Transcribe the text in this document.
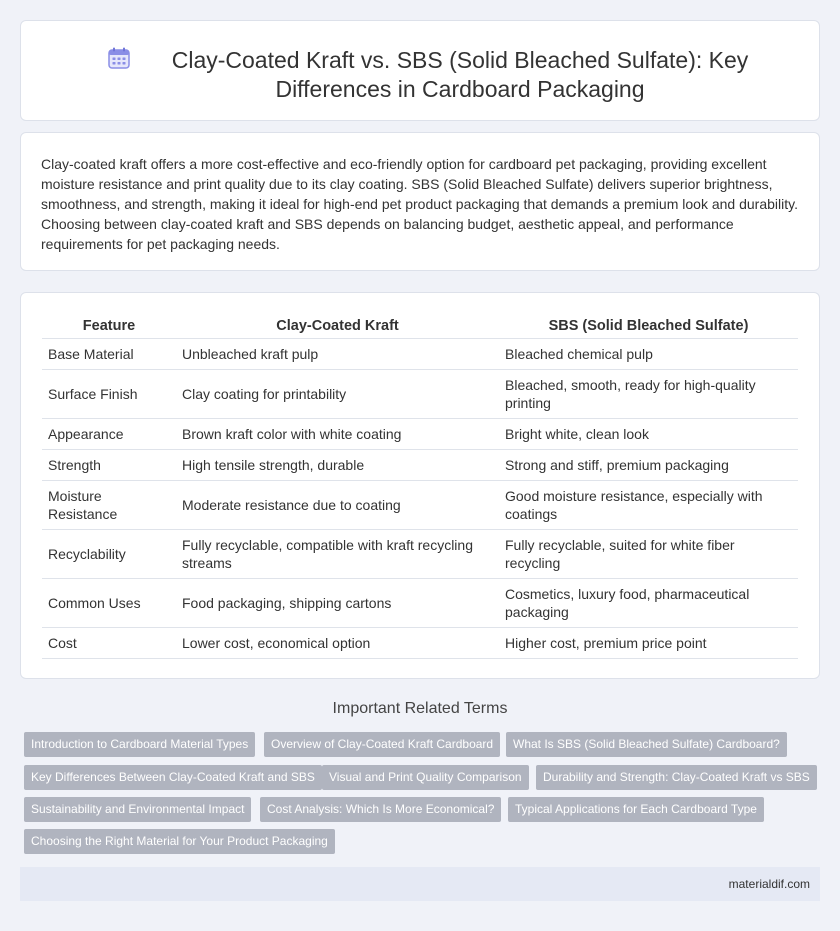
Clay-Coated Kraft vs. SBS (Solid Bleached Sulfate): Key Differences in Cardboard Packaging

Clay-coated kraft offers a more cost-effective and eco-friendly option for cardboard pet packaging, providing excellent moisture resistance and print quality due to its clay coating. SBS (Solid Bleached Sulfate) delivers superior brightness, smoothness, and strength, making it ideal for high-end pet product packaging that demands a premium look and durability. Choosing between clay-coated kraft and SBS depends on balancing budget, aesthetic appeal, and performance requirements for pet packaging needs.

Feature	Clay-Coated Kraft	SBS (Solid Bleached Sulfate)
Base Material	Unbleached kraft pulp	Bleached chemical pulp
Surface Finish	Clay coating for printability	Bleached, smooth, ready for high-quality printing
Appearance	Brown kraft color with white coating	Bright white, clean look
Strength	High tensile strength, durable	Strong and stiff, premium packaging
Moisture Resistance	Moderate resistance due to coating	Good moisture resistance, especially with coatings
Recyclability	Fully recyclable, compatible with kraft recycling streams	Fully recyclable, suited for white fiber recycling
Common Uses	Food packaging, shipping cartons	Cosmetics, luxury food, pharmaceutical packaging
Cost	Lower cost, economical option	Higher cost, premium price point
Important Related Terms
Introduction to Cardboard Material Types	Overview of Clay-Coated Kraft Cardboard	What Is SBS (Solid Bleached Sulfate) Cardboard?
Key Differences Between Clay-Coated Kraft and SBS	Visual and Print Quality Comparison	Durability and Strength: Clay-Coated Kraft vs SBS
Sustainability and Environmental Impact	Cost Analysis: Which Is More Economical?	Typical Applications for Each Cardboard Type
Choosing the Right Material for Your Product Packaging
materialdif.com
